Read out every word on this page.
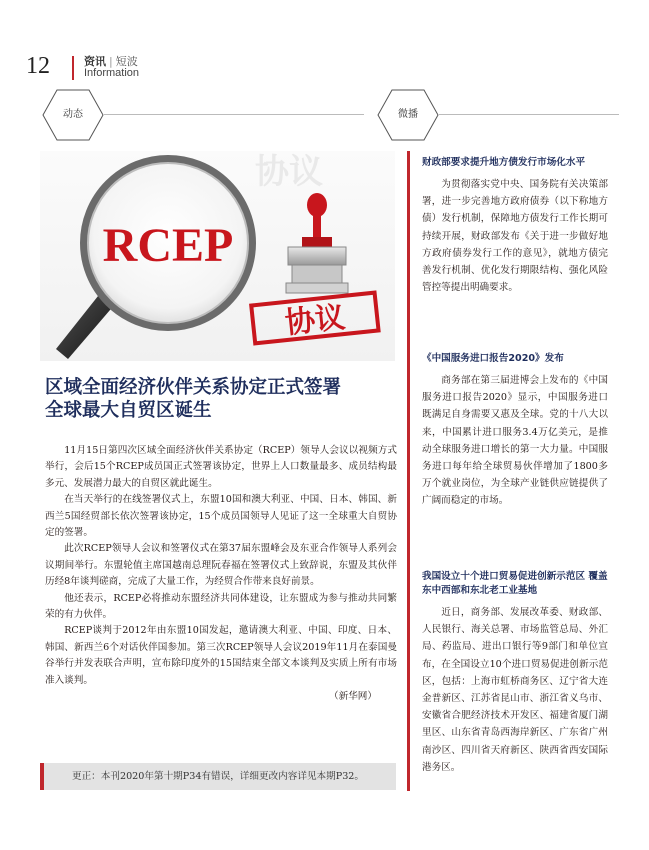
12	资讯 | 短波
Information
动态	微播
协议
RCEP
协议
区域全面经济伙伴关系协定正式签署
全球最大自贸区诞生

11月15日第四次区域全面经济伙伴关系协定（RCEP）领导人会议以视频方式举行，会后15个RCEP成员国正式签署该协定，世界上人口数量最多、成员结构最多元、发展潜力最大的自贸区就此诞生。

在当天举行的在线签署仪式上，东盟10国和澳大利亚、中国、日本、韩国、新西兰5国经贸部长依次签署该协定，15个成员国领导人见证了这一全球重大自贸协定的签署。

此次RCEP领导人会议和签署仪式在第37届东盟峰会及东亚合作领导人系列会议期间举行。东盟轮值主席国越南总理阮春福在签署仪式上致辞说，东盟及其伙伴历经8年谈判磋商，完成了大量工作，为经贸合作带来良好前景。

他还表示，RCEP必将推动东盟经济共同体建设，让东盟成为参与推动共同繁荣的有力伙伴。

RCEP谈判于2012年由东盟10国发起，邀请澳大利亚、中国、印度、日本、韩国、新西兰6个对话伙伴国参加。第三次RCEP领导人会议2019年11月在泰国曼谷举行并发表联合声明，宣布除印度外的15国结束全部文本谈判及实质上所有市场准入谈判。

（新华网）

更正：本刊2020年第十期P34有错误，详细更改内容详见本期P32。
财政部要求提升地方债发行市场化水平
为贯彻落实党中央、国务院有关决策部署，进一步完善地方政府债券（以下称地方债）发行机制，保障地方债发行工作长期可持续开展，财政部发布《关于进一步做好地方政府债券发行工作的意见》，就地方债完善发行机制、优化发行期限结构、强化风险管控等提出明确要求。
《中国服务进口报告2020》发布
商务部在第三届进博会上发布的《中国服务进口报告2020》显示，中国服务进口既满足自身需要又惠及全球。党的十八大以来，中国累计进口服务3.4万亿美元，是推动全球服务进口增长的第一大力量。中国服务进口每年给全球贸易伙伴增加了1800多万个就业岗位，为全球产业链供应链提供了广阔而稳定的市场。
我国设立十个进口贸易促进创新示范区 覆盖东中西部和东北老工业基地
近日，商务部、发展改革委、财政部、人民银行、海关总署、市场监管总局、外汇局、药监局、进出口银行等9部门和单位宣布，在全国设立10个进口贸易促进创新示范区，包括：上海市虹桥商务区、辽宁省大连金普新区、江苏省昆山市、浙江省义乌市、安徽省合肥经济技术开发区、福建省厦门湖里区、山东省青岛西海岸新区、广东省广州南沙区、四川省天府新区、陕西省西安国际港务区。
